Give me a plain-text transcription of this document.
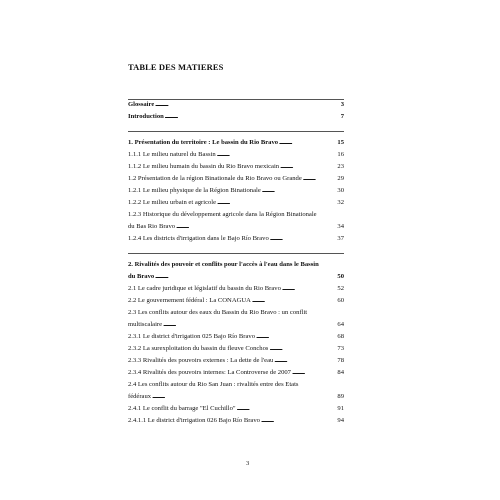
TABLE DES MATIERES
Glossaire . . .	3
Introduction . . .	7
1. Présentation du territoire : Le bassin du Rio Bravo . . .	15
1.1.1 Le milieu naturel du Bassin . . .	16
1.1.2 Le milieu humain du bassin du Rio Bravo mexicain . . .	23
1.2 Présentation de la région Binationale du Rio Bravo ou Grande . . .	29
1.2.1 Le milieu physique de la Région Binationale . . .	30
1.2.2 Le milieu urbain et agricole . . .	32
1.2.3 Historique du développement agricole dans la Région Binationale
du Bas Rio Bravo . . .	34
1.2.4 Les districts d'irrigation dans le Bajo Río Bravo . . .	37
2. Rivalités des pouvoir et conflits pour l'accès à l'eau dans le Bassin
du Bravo . . .	50
2.1 Le cadre juridique et législatif du bassin du Rio Bravo . . .	52
2.2 Le gouvernement fédéral : La CONAGUA . . .	60
2.3 Les conflits autour des eaux du Bassin du Rio Bravo : un conflit
multiscalaire . . .	64
2.3.1 Le district d'irrigation 025 Bajo Río Bravo . . .	68
2.3.2 La surexploitation du bassin du fleuve Conchos . . .	73
2.3.3 Rivalités des pouvoirs externes : La dette de l'eau . . .	78
2.3.4 Rivalités des pouvoirs internes: La Controverse de 2007 . . .	84
2.4 Les conflits autour du Rio San Juan : rivalités entre des Etats
fédéraux . . .	89
2.4.1 Le conflit du barrage "El Cuchillo" . . .	91
2.4.1.1 Le district d'irrigation 026 Bajo Río Bravo . . .	94
3
